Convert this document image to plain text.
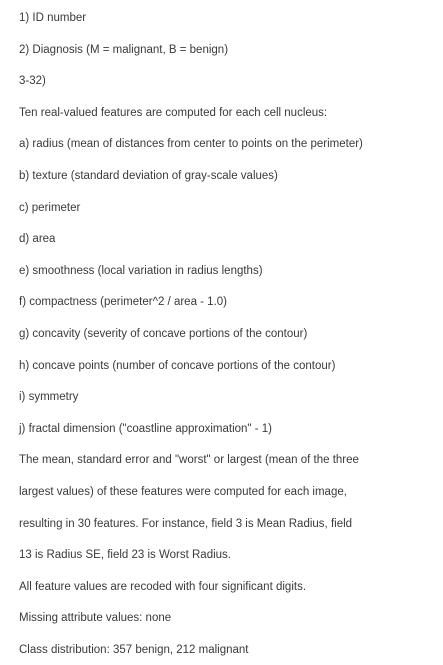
1) ID number
2) Diagnosis (M = malignant, B = benign)
3-32)
Ten real-valued features are computed for each cell nucleus:
a) radius (mean of distances from center to points on the perimeter)
b) texture (standard deviation of gray-scale values)
c) perimeter
d) area
e) smoothness (local variation in radius lengths)
f) compactness (perimeter^2 / area - 1.0)
g) concavity (severity of concave portions of the contour)
h) concave points (number of concave portions of the contour)
i) symmetry
j) fractal dimension ("coastline approximation" - 1)
The mean, standard error and "worst" or largest (mean of the three
largest values) of these features were computed for each image,
resulting in 30 features. For instance, field 3 is Mean Radius, field
13 is Radius SE, field 23 is Worst Radius.
All feature values are recoded with four significant digits.
Missing attribute values: none
Class distribution: 357 benign, 212 malignant
